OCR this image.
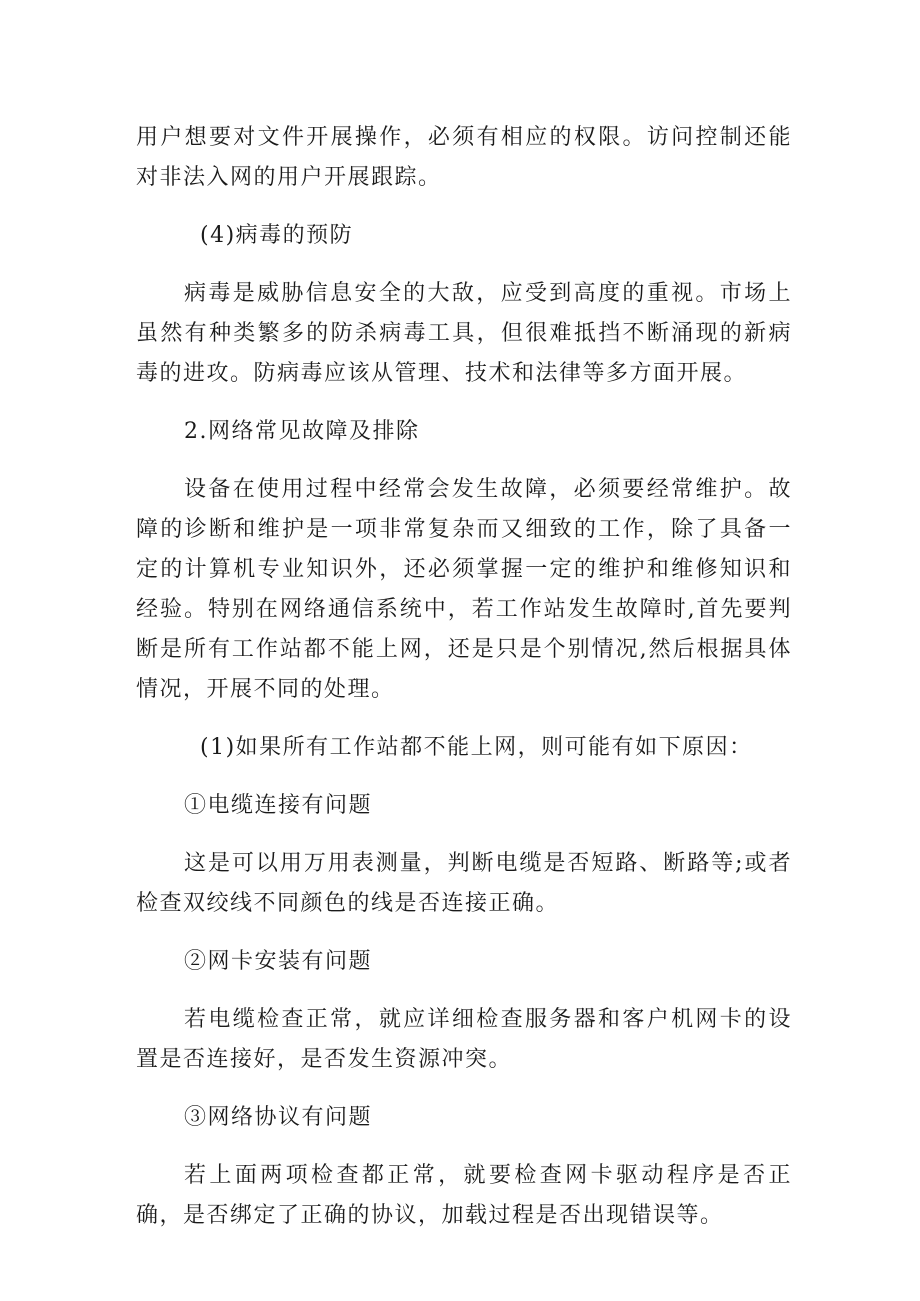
用户想要对文件开展操作，必须有相应的权限。访问控制还能对非法入网的用户开展跟踪。

(4)病毒的预防

病毒是威胁信息安全的大敌，应受到高度的重视。市场上虽然有种类繁多的防杀病毒工具，但很难抵挡不断涌现的新病毒的进攻。防病毒应该从管理、技术和法律等多方面开展。

2.网络常见故障及排除

设备在使用过程中经常会发生故障，必须要经常维护。故障的诊断和维护是一项非常复杂而又细致的工作，除了具备一定的计算机专业知识外，还必须掌握一定的维护和维修知识和经验。特别在网络通信系统中，若工作站发生故障时,首先要判断是所有工作站都不能上网，还是只是个别情况,然后根据具体情况，开展不同的处理。

(1)如果所有工作站都不能上网，则可能有如下原因：

①电缆连接有问题

这是可以用万用表测量，判断电缆是否短路、断路等;或者检查双绞线不同颜色的线是否连接正确。

②网卡安装有问题

若电缆检查正常，就应详细检查服务器和客户机网卡的设置是否连接好，是否发生资源冲突。

③网络协议有问题

若上面两项检查都正常，就要检查网卡驱动程序是否正确，是否绑定了正确的协议，加载过程是否出现错误等。
